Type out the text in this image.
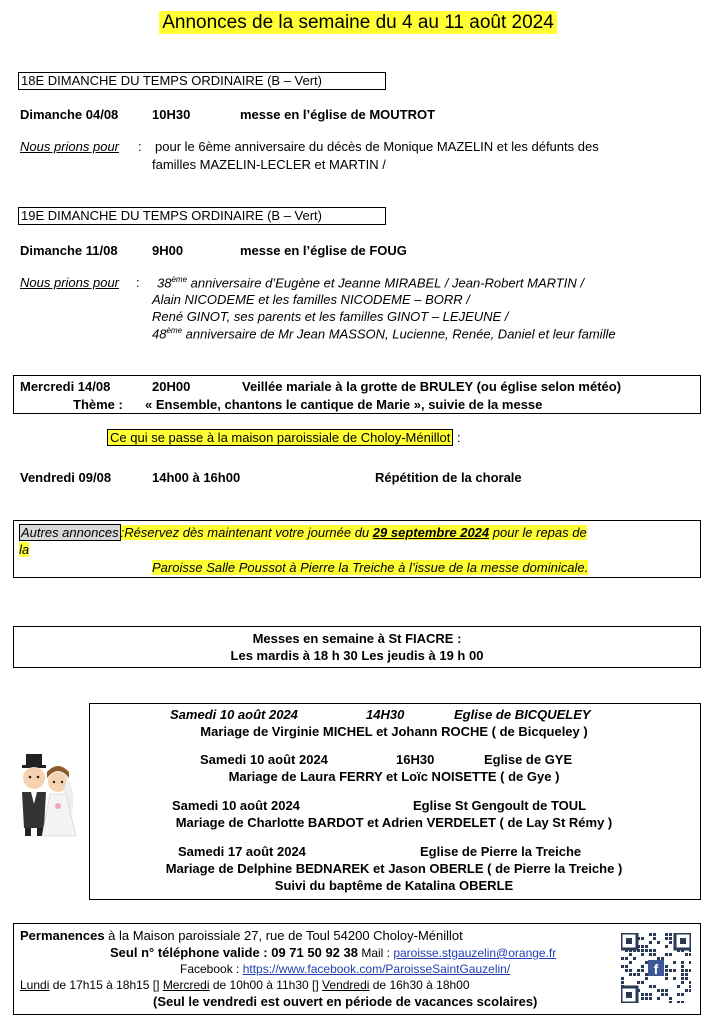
Annonces de la semaine du 4 au 11 août 2024
18E DIMANCHE DU TEMPS ORDINAIRE (B – Vert)
Dimanche 04/08	10H30	messe en l’église de MOUTROT
Nous prions pour : pour le 6ème anniversaire du décès de Monique MAZELIN et les défunts des
familles MAZELIN-LECLER et MARTIN /
19E DIMANCHE DU TEMPS ORDINAIRE (B – Vert)
Dimanche 11/08	9H00	messe en l’église de FOUG
Nous prions pour : 38ème anniversaire d’Eugène et Jeanne MIRABEL / Jean-Robert MARTIN /
Alain NICODEME et les familles NICODEME – BORR /
René GINOT, ses parents et les familles GINOT – LEJEUNE /
48ème anniversaire de Mr Jean MASSON, Lucienne, Renée, Daniel et leur famille
Mercredi 14/08	20H00	Veillée mariale à la grotte de BRULEY (ou église selon météo)
Thème : « Ensemble, chantons le cantique de Marie », suivie de la messe
Ce qui se passe à la maison paroissiale de Choloy-Ménillot :
Vendredi 09/08	14h00 à 16h00	Répétition de la chorale
Autres annonces :Réservez dès maintenant votre journée du 29 septembre 2024 pour le repas de
la
Paroisse Salle Poussot à Pierre la Treiche à l’issue de la messe dominicale.
Messes en semaine à St FIACRE :
Les mardis à 18 h 30 Les jeudis à 19 h 00
Samedi 10 août 2024	14H30	Eglise de BICQUELEY
Mariage de Virginie MICHEL et Johann ROCHE ( de Bicqueley )
Samedi 10 août 2024	16H30	Eglise de GYE
Mariage de Laura FERRY et Loïc NOISETTE ( de Gye )
Samedi 10 août 2024	Eglise St Gengoult de TOUL
Mariage de Charlotte BARDOT et Adrien VERDELET ( de Lay St Rémy )
Samedi 17 août 2024	Eglise de Pierre la Treiche
Mariage de Delphine BEDNAREK et Jason OBERLE ( de Pierre la Treiche )
Suivi du baptême de Katalina OBERLE
Permanences à la Maison paroissiale 27, rue de Toul 54200 Choloy-Ménillot
Seul n° téléphone valide : 09 71 50 92 38 Mail : paroisse.stgauzelin@orange.fr
Facebook : https://www.facebook.com/ParoisseSaintGauzelin/
Lundi de 17h15 à 18h15 [] Mercredi de 10h00 à 11h30 [] Vendredi de 16h30 à 18h00
(Seul le vendredi est ouvert en période de vacances scolaires)
f
